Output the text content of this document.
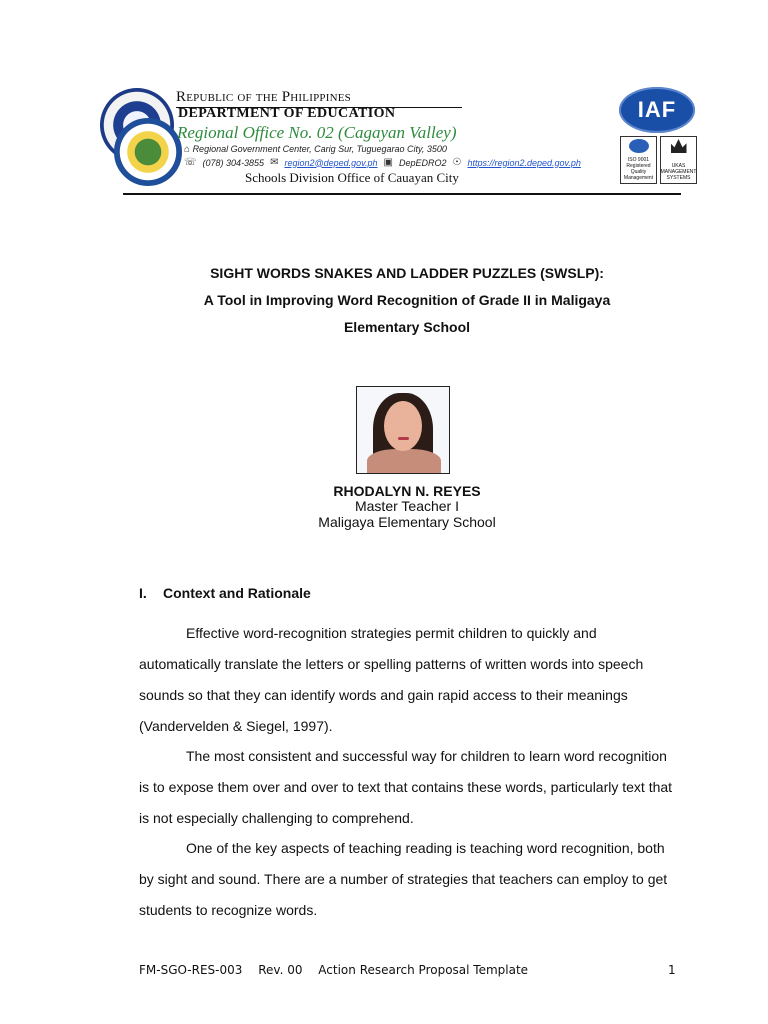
Republic of the Philippines
DEPARTMENT OF EDUCATION
Regional Office No. 02 (Cagayan Valley)
⌂ Regional Government Center, Carig Sur, Tuguegarao City, 3500
☏ (078) 304-3855 ✉ region2@deped.gov.ph ▣ DepEDRO2 ☉ https://region2.deped.gov.ph
Schools Division Office of Cauayan City
IAF
ISO 9001 Registered Quality Management
UKAS MANAGEMENT SYSTEMS
SIGHT WORDS SNAKES AND LADDER PUZZLES (SWSLP):
A Tool in Improving Word Recognition of Grade II in Maligaya
Elementary School
RHODALYN N. REYES
Master Teacher I
Maligaya Elementary School
I.	Context and Rationale

Effective word-recognition strategies permit children to quickly and automatically translate the letters or spelling patterns of written words into speech sounds so that they can identify words and gain rapid access to their meanings (Vandervelden & Siegel, 1997).

The most consistent and successful way for children to learn word recognition is to expose them over and over to text that contains these words, particularly text that is not especially challenging to comprehend.

One of the key aspects of teaching reading is teaching word recognition, both by sight and sound. There are a number of strategies that teachers can employ to get students to recognize words.

FM-SGO-RES-003 Rev. 00 Action Research Proposal Template	1
